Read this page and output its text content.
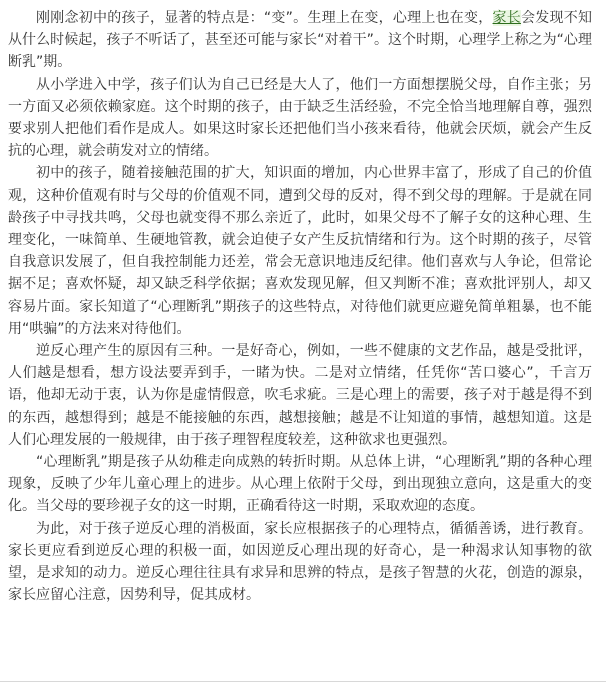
刚刚念初中的孩子，显著的特点是：“变”。生理上在变，心理上也在变，家长会发现不知从什么时候起，孩子不听话了，甚至还可能与家长“对着干”。这个时期，心理学上称之为“心理断乳”期。

从小学进入中学，孩子们认为自己已经是大人了，他们一方面想摆脱父母，自作主张；另一方面又必须依赖家庭。这个时期的孩子，由于缺乏生活经验，不完全恰当地理解自尊，强烈要求别人把他们看作是成人。如果这时家长还把他们当小孩来看待，他就会厌烦，就会产生反抗的心理，就会萌发对立的情绪。

初中的孩子，随着接触范围的扩大，知识面的增加，内心世界丰富了，形成了自己的价值观，这种价值观有时与父母的价值观不同，遭到父母的反对，得不到父母的理解。于是就在同龄孩子中寻找共鸣，父母也就变得不那么亲近了，此时，如果父母不了解子女的这种心理、生理变化，一味简单、生硬地管教，就会迫使子女产生反抗情绪和行为。这个时期的孩子，尽管自我意识发展了，但自我控制能力还差，常会无意识地违反纪律。他们喜欢与人争论，但常论据不足；喜欢怀疑，却又缺乏科学依据；喜欢发现见解，但又判断不准；喜欢批评别人，却又容易片面。家长知道了“心理断乳”期孩子的这些特点，对待他们就更应避免简单粗暴，也不能用“哄骗”的方法来对待他们。

逆反心理产生的原因有三种。一是好奇心，例如，一些不健康的文艺作品，越是受批评，人们越是想看，想方设法要弄到手，一睹为快。二是对立情绪，任凭你“苦口婆心”，千言万语，他却无动于衷，认为你是虚情假意，吹毛求疵。三是心理上的需要，孩子对于越是得不到的东西，越想得到；越是不能接触的东西，越想接触；越是不让知道的事情，越想知道。这是人们心理发展的一般规律，由于孩子理智程度较差，这种欲求也更强烈。

“心理断乳”期是孩子从幼稚走向成熟的转折时期。从总体上讲，“心理断乳”期的各种心理现象，反映了少年儿童心理上的进步。从心理上依附于父母，到出现独立意向，这是重大的变化。当父母的要珍视子女的这一时期，正确看待这一时期，采取欢迎的态度。

为此，对于孩子逆反心理的消极面，家长应根据孩子的心理特点，循循善诱，进行教育。家长更应看到逆反心理的积极一面，如因逆反心理出现的好奇心，是一种渴求认知事物的欲望，是求知的动力。逆反心理往往具有求异和思辨的特点，是孩子智慧的火花，创造的源泉，家长应留心注意，因势利导，促其成材。
